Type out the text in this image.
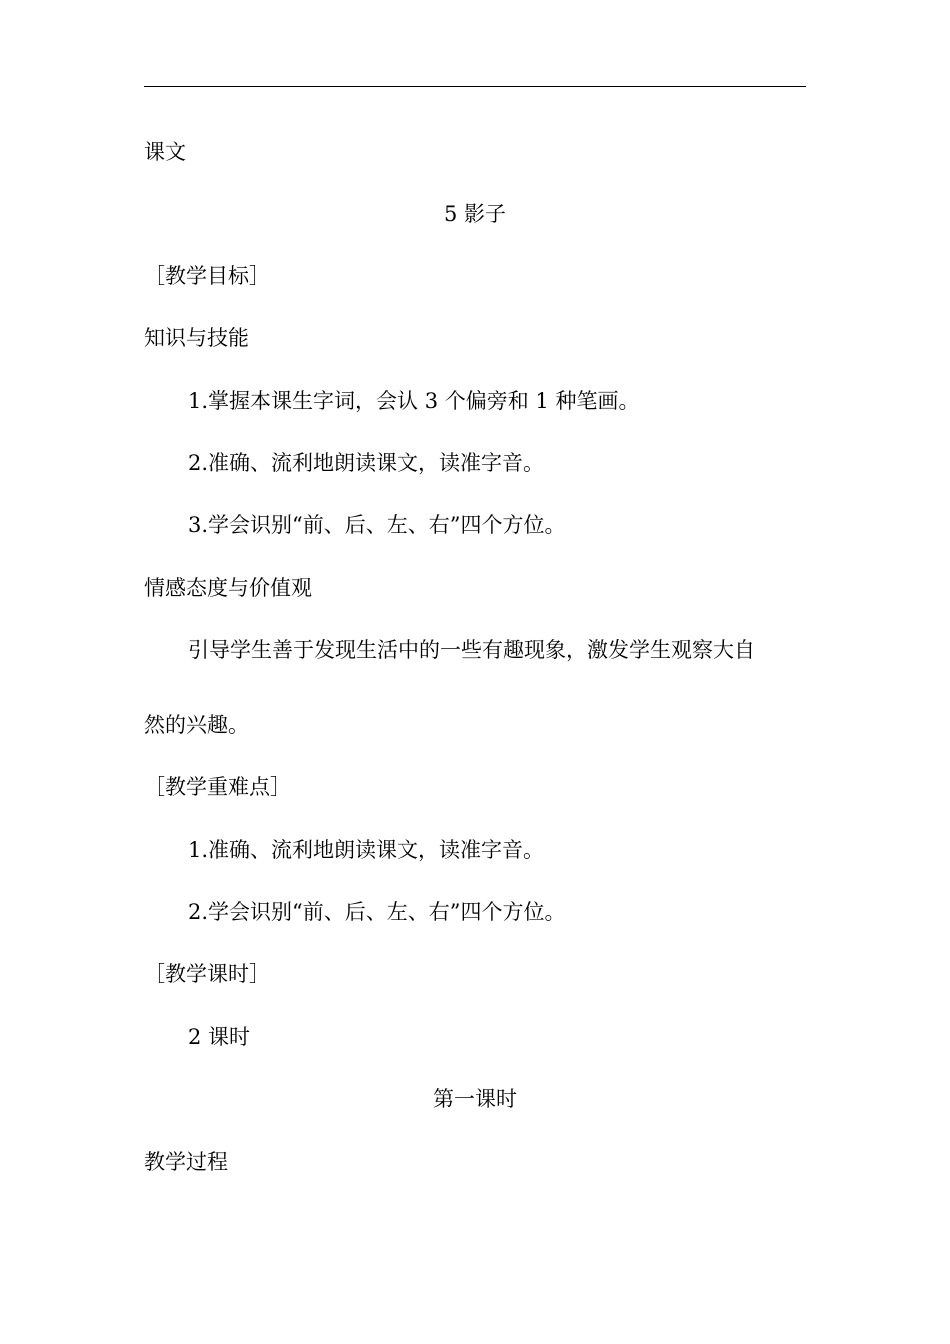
课文
5 影子
［教学目标］
知识与技能
1.掌握本课生字词，会认 3 个偏旁和 1 种笔画。
2.准确、流利地朗读课文，读准字音。
3.学会识别“前、后、左、右”四个方位。
情感态度与价值观
引导学生善于发现生活中的一些有趣现象，激发学生观察大自
然的兴趣。
［教学重难点］
1.准确、流利地朗读课文，读准字音。
2.学会识别“前、后、左、右”四个方位。
［教学课时］
2 课时
第一课时
教学过程
